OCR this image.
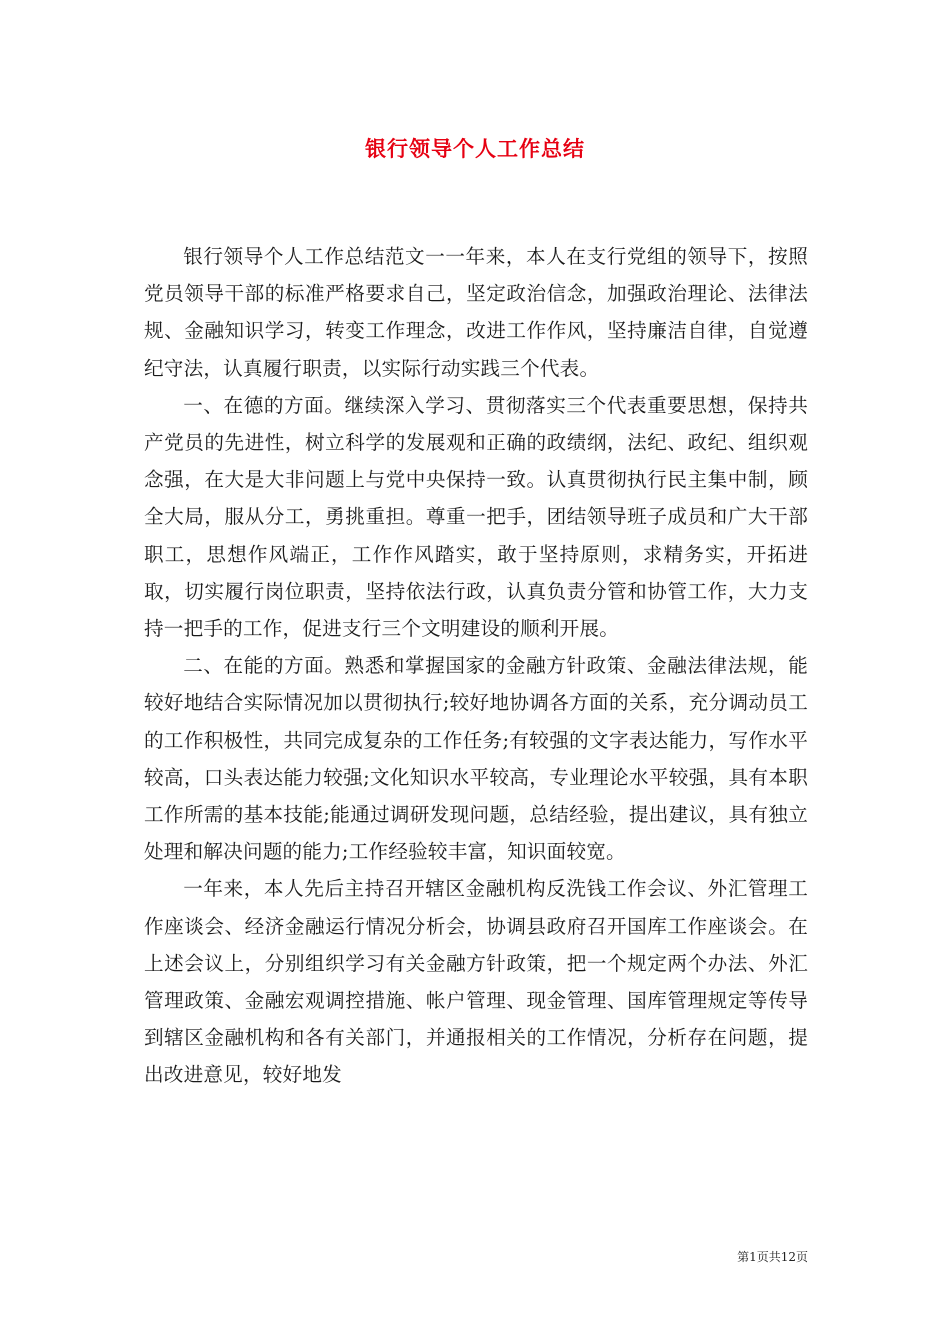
银行领导个人工作总结

银行领导个人工作总结范文一一年来，本人在支行党组的领导下，按照党员领导干部的标准严格要求自己，坚定政治信念，加强政治理论、法律法规、金融知识学习，转变工作理念，改进工作作风，坚持廉洁自律，自觉遵纪守法，认真履行职责，以实际行动实践三个代表。

一、在德的方面。继续深入学习、贯彻落实三个代表重要思想，保持共产党员的先进性，树立科学的发展观和正确的政绩纲，法纪、政纪、组织观念强，在大是大非问题上与党中央保持一致。认真贯彻执行民主集中制，顾全大局，服从分工，勇挑重担。尊重一把手，团结领导班子成员和广大干部职工，思想作风端正，工作作风踏实，敢于坚持原则，求精务实，开拓进取，切实履行岗位职责，坚持依法行政，认真负责分管和协管工作，大力支持一把手的工作，促进支行三个文明建设的顺利开展。

二、在能的方面。熟悉和掌握国家的金融方针政策、金融法律法规，能较好地结合实际情况加以贯彻执行;较好地协调各方面的关系，充分调动员工的工作积极性，共同完成复杂的工作任务;有较强的文字表达能力，写作水平较高，口头表达能力较强;文化知识水平较高，专业理论水平较强，具有本职工作所需的基本技能;能通过调研发现问题，总结经验，提出建议，具有独立处理和解决问题的能力;工作经验较丰富，知识面较宽。

一年来，本人先后主持召开辖区金融机构反洗钱工作会议、外汇管理工作座谈会、经济金融运行情况分析会，协调县政府召开国库工作座谈会。在上述会议上，分别组织学习有关金融方针政策，把一个规定两个办法、外汇管理政策、金融宏观调控措施、帐户管理、现金管理、国库管理规定等传导到辖区金融机构和各有关部门，并通报相关的工作情况，分析存在问题，提出改进意见，较好地发

第1页共12页
